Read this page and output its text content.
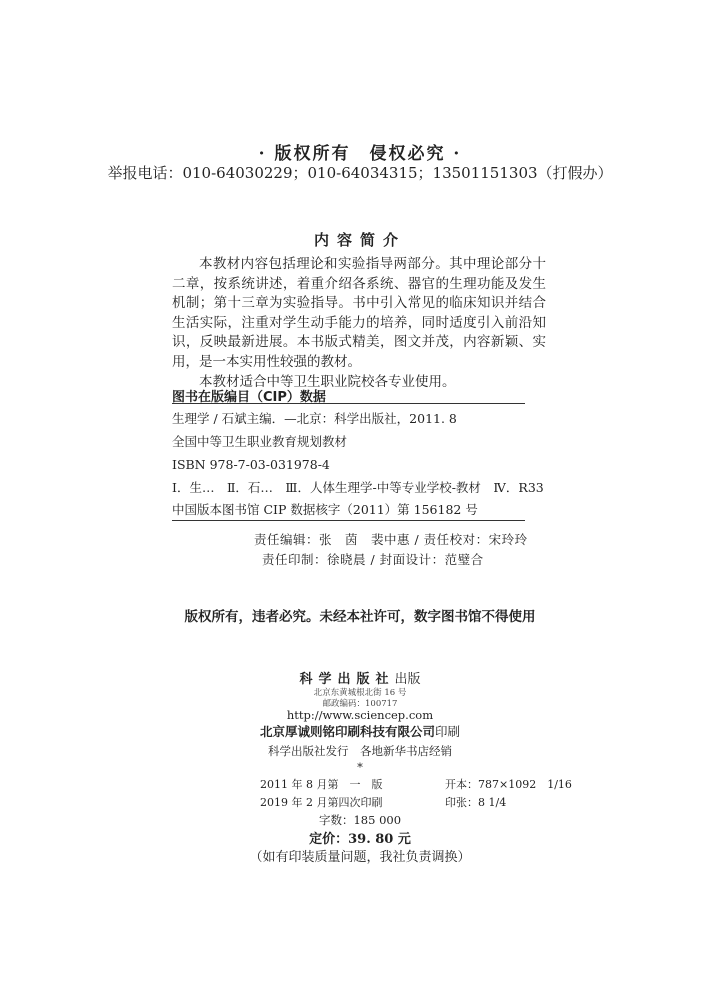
· 版权所有　侵权必究 ·
举报电话：010-64030229；010-64034315；13501151303（打假办）
内容简介

本教材内容包括理论和实验指导两部分。其中理论部分十二章，按系统讲述，着重介绍各系统、器官的生理功能及发生机制；第十三章为实验指导。书中引入常见的临床知识并结合生活实际，注重对学生动手能力的培养，同时适度引入前沿知识，反映最新进展。本书版式精美，图文并茂，内容新颖、实用，是一本实用性较强的教材。

本教材适合中等卫生职业院校各专业使用。

图书在版编目（CIP）数据
生理学 / 石斌主编．—北京：科学出版社，2011. 8
全国中等卫生职业教育规划教材
ISBN 978-7-03-031978-4
Ⅰ．生…　Ⅱ．石…　Ⅲ．人体生理学-中等专业学校-教材　Ⅳ．R33
中国版本图书馆 CIP 数据核字（2011）第 156182 号
责任编辑：张　茵　裴中惠 / 责任校对：宋玲玲
责任印制：徐晓晨 / 封面设计：范璧合
版权所有，违者必究。未经本社许可，数字图书馆不得使用
科学出版社出版
北京东黄城根北街 16 号
邮政编码：100717
http://www.sciencep.com
北京厚诚则铭印刷科技有限公司印刷
科学出版社发行　各地新华书店经销
*
2011 年 8 月第　一　版	开本：787×1092　1/16
2019 年 2 月第四次印刷	印张：8 1/4
字数：185 000
定价：39. 80 元
（如有印装质量问题，我社负责调换）
